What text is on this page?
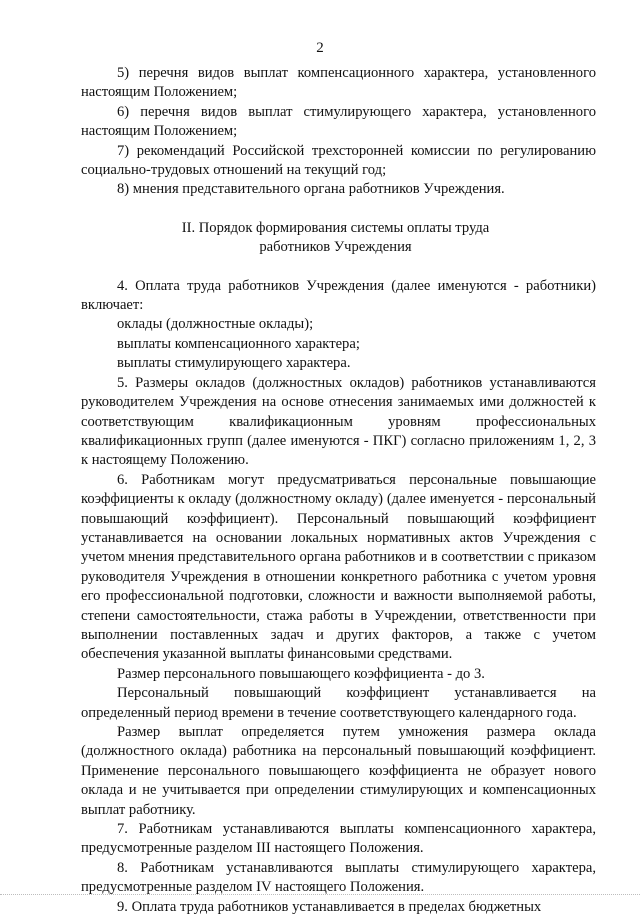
2

5) перечня видов выплат компенсационного характера, установленного настоящим Положением;

6) перечня видов выплат стимулирующего характера, установленного настоящим Положением;

7) рекомендаций Российской трехсторонней комиссии по регулированию социально-трудовых отношений на текущий год;

8) мнения представительного органа работников Учреждения.

II. Порядок формирования системы оплаты труда
работников Учреждения

4. Оплата труда работников Учреждения (далее именуются - работники) включает:

оклады (должностные оклады);

выплаты компенсационного характера;

выплаты стимулирующего характера.

5. Размеры окладов (должностных окладов) работников устанавливаются руководителем Учреждения на основе отнесения занимаемых ими должностей к соответствующим квалификационным уровням профессиональных квалификационных групп (далее именуются - ПКГ) согласно приложениям 1, 2, 3 к настоящему Положению.

6. Работникам могут предусматриваться персональные повышающие коэффициенты к окладу (должностному окладу) (далее именуется - персональный повышающий коэффициент). Персональный повышающий коэффициент устанавливается на основании локальных нормативных актов Учреждения с учетом мнения представительного органа работников и в соответствии с приказом руководителя Учреждения в отношении конкретного работника с учетом уровня его профессиональной подготовки, сложности и важности выполняемой работы, степени самостоятельности, стажа работы в Учреждении, ответственности при выполнении поставленных задач и других факторов, а также с учетом обеспечения указанной выплаты финансовыми средствами.

Размер персонального повышающего коэффициента - до 3.

Персональный повышающий коэффициент устанавливается на определенный период времени в течение соответствующего календарного года.

Размер выплат определяется путем умножения размера оклада (должностного оклада) работника на персональный повышающий коэффициент. Применение персонального повышающего коэффициента не образует нового оклада и не учитывается при определении стимулирующих и компенсационных выплат работнику.

7. Работникам устанавливаются выплаты компенсационного характера, предусмотренные разделом III настоящего Положения.

8. Работникам устанавливаются выплаты стимулирующего характера, предусмотренные разделом IV настоящего Положения.

9. Оплата труда работников устанавливается в пределах бюджетных
